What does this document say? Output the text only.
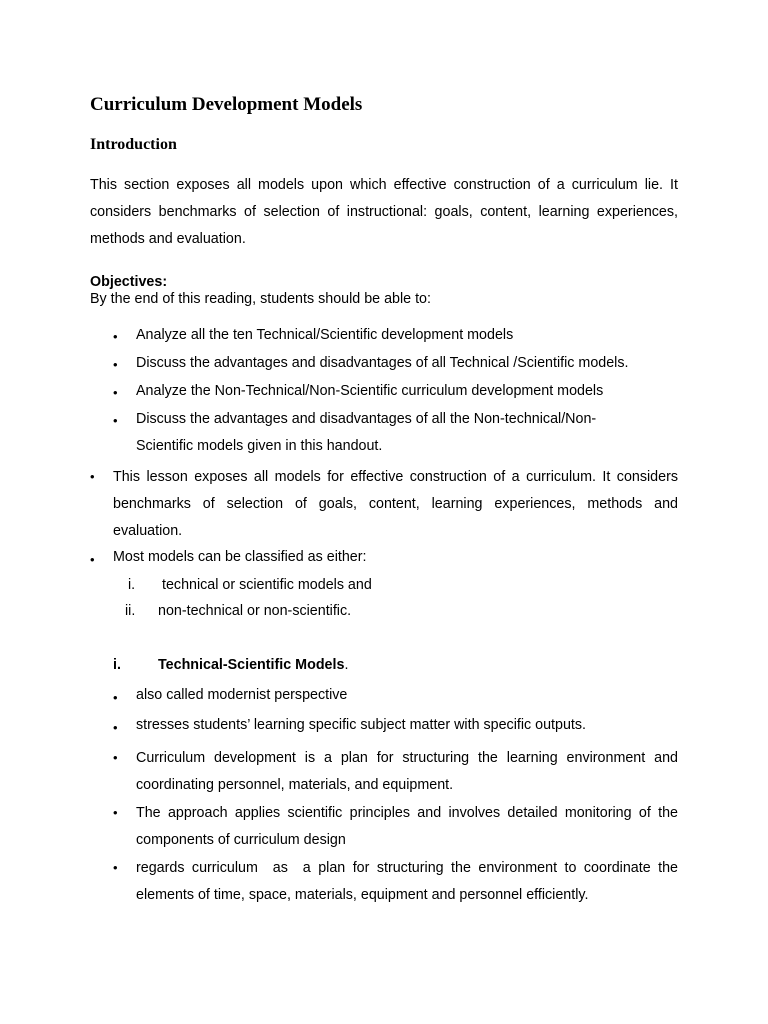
Curriculum Development Models
Introduction
This section exposes all models upon which effective construction of a curriculum lie. It
considers benchmarks of selection of instructional: goals, content, learning experiences,
methods and evaluation.
Objectives:
By the end of this reading, students should be able to:
• Analyze all the ten Technical/Scientific development models
• Discuss the advantages and disadvantages of all Technical /Scientific models.
• Analyze the Non-Technical/Non-Scientific curriculum development models
• Discuss the advantages and disadvantages of all the Non-technical/Non-
Scientific models given in this handout.
• This lesson exposes all models for effective construction of a curriculum. It considers
benchmarks of selection of goals, content, learning experiences, methods and
evaluation.
• Most models can be classified as either:
i. technical or scientific models and
ii. non-technical or non-scientific.
i.	Technical-Scientific Models.
• also called modernist perspective
• stresses students’ learning specific subject matter with specific outputs.
• Curriculum development is a plan for structuring the learning environment and
coordinating personnel, materials, and equipment.
• The approach applies scientific principles and involves detailed monitoring of the
components of curriculum design
• regards curriculum  as  a plan for structuring the environment to coordinate the
elements of time, space, materials, equipment and personnel efficiently.
